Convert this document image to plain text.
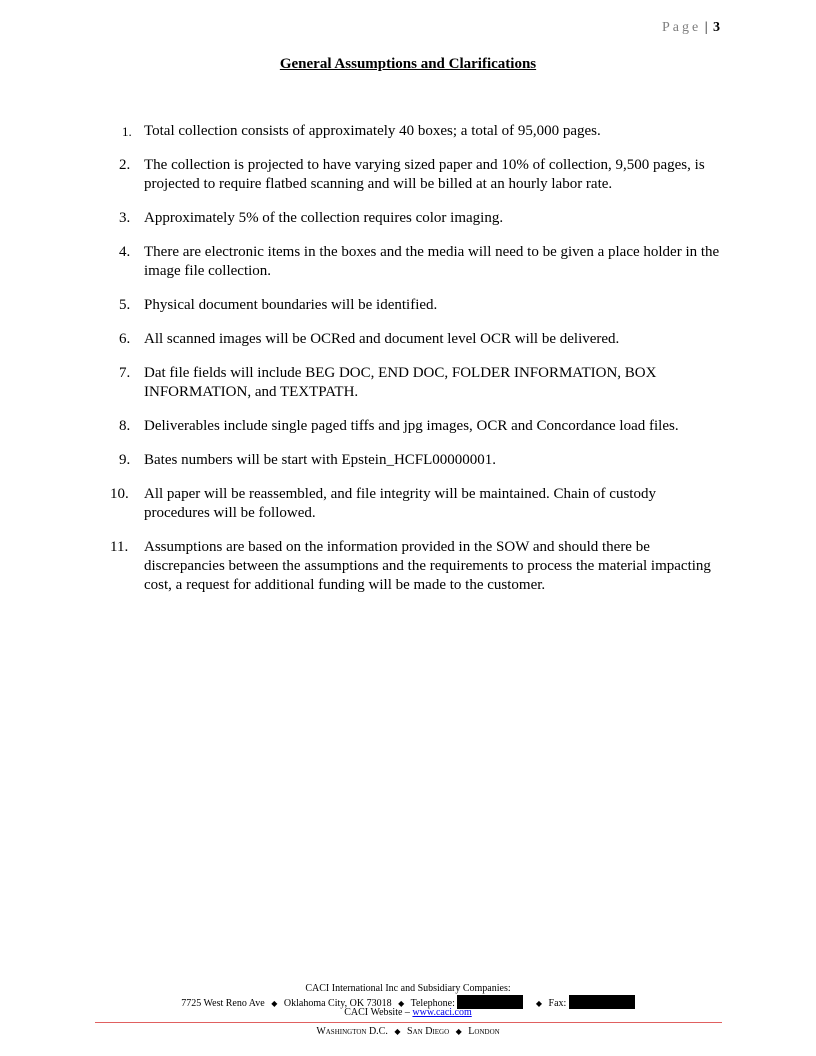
Page | 3
General Assumptions and Clarifications
1. Total collection consists of approximately 40 boxes; a total of 95,000 pages.
2. The collection is projected to have varying sized paper and 10% of collection, 9,500 pages, is projected to require flatbed scanning and will be billed at an hourly labor rate.
3. Approximately 5% of the collection requires color imaging.
4. There are electronic items in the boxes and the media will need to be given a place holder in the image file collection.
5. Physical document boundaries will be identified.
6. All scanned images will be OCRed and document level OCR will be delivered.
7. Dat file fields will include BEG DOC, END DOC, FOLDER INFORMATION, BOX INFORMATION, and TEXTPATH.
8. Deliverables include single paged tiffs and jpg images, OCR and Concordance load files.
9. Bates numbers will be start with Epstein_HCFL00000001.
10.	All paper will be reassembled, and file integrity will be maintained. Chain of custody procedures will be followed.
11.	Assumptions are based on the information provided in the SOW and should there be discrepancies between the assumptions and the requirements to process the material impacting cost, a request for additional funding will be made to the customer.
CACI International Inc and Subsidiary Companies:
7725 West Reno Ave ◆ Oklahoma City, OK 73018 ◆ Telephone:	◆ Fax:
CACI Website – www.caci.com
Washington D.C. ◆ San Diego ◆ London
